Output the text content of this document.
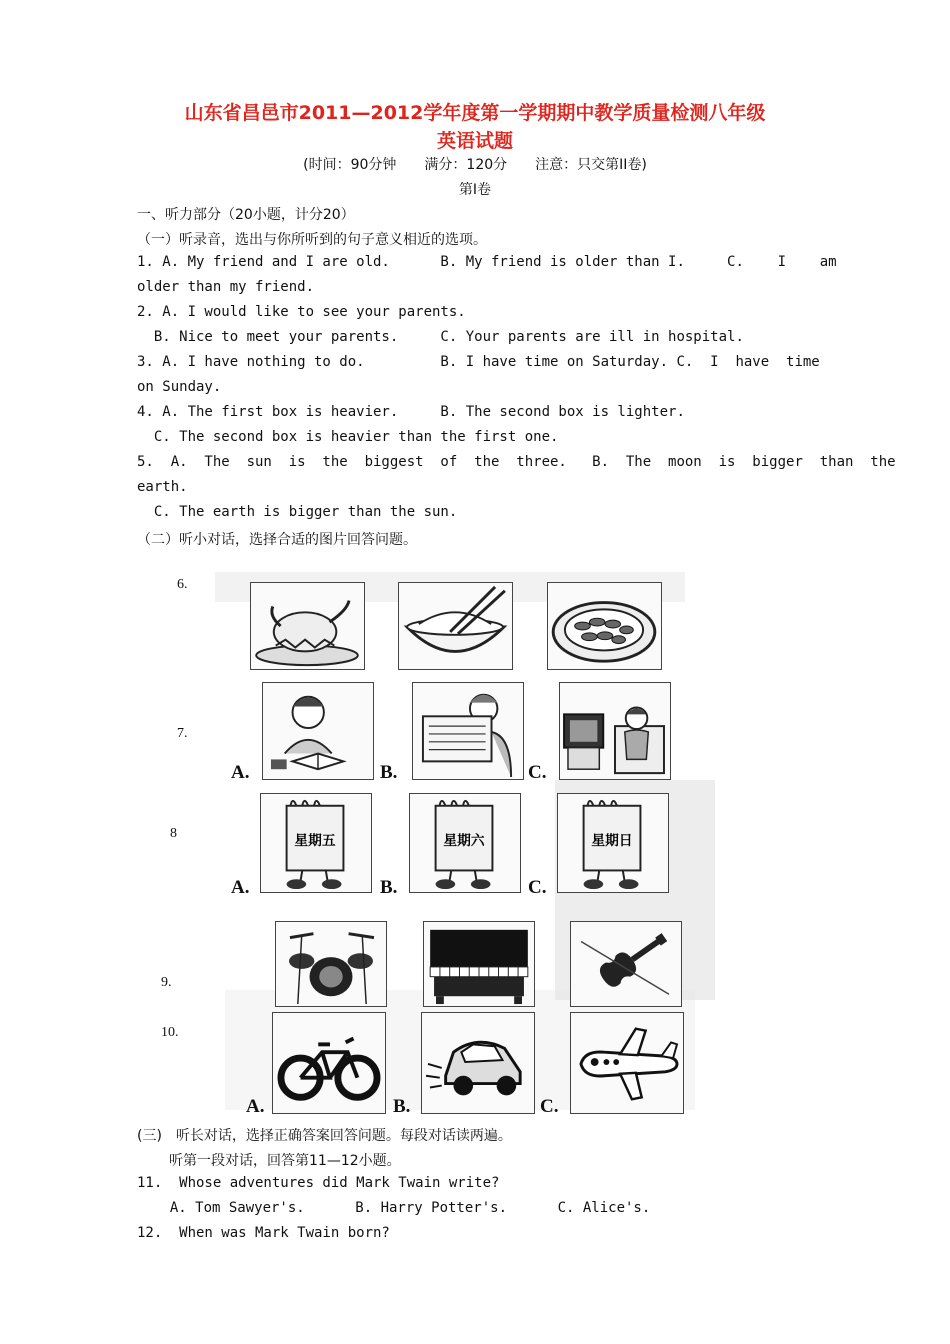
山东省昌邑市2011—2012学年度第一学期期中教学质量检测八年级
英语试题
(时间：90分钟　　满分：120分　　注意：只交第II卷)
第I卷
一、听力部分（20小题，计分20）
（一）听录音，选出与你所听到的句子意义相近的选项。
1. A. My friend and I are old.      B. My friend is older than I.     C.    I    am
older than my friend.
2. A. I would like to see your parents.
B. Nice to meet your parents.     C. Your parents are ill in hospital.
3. A. I have nothing to do.         B. I have time on Saturday. C.  I  have  time
on Sunday.
4. A. The first box is heavier.     B. The second box is lighter.
C. The second box is heavier than the first one.
5.  A.  The  sun  is  the  biggest  of  the  three.   B.  The  moon  is  bigger  than  the
earth.
C. The earth is bigger than the sun.
（二）听小对话，选择合适的图片回答问题。
6.
7.
8
9.
10.
A.	B.	C.
星期五	星期六	星期日
A.	B.	C.
A.	B.	C.
(三)　听长对话，选择正确答案回答问题。每段对话读两遍。
听第一段对话，回答第11—12小题。
11.  Whose adventures did Mark Twain write?
A. Tom Sawyer's.      B. Harry Potter's.      C. Alice's.
12.  When was Mark Twain born?
